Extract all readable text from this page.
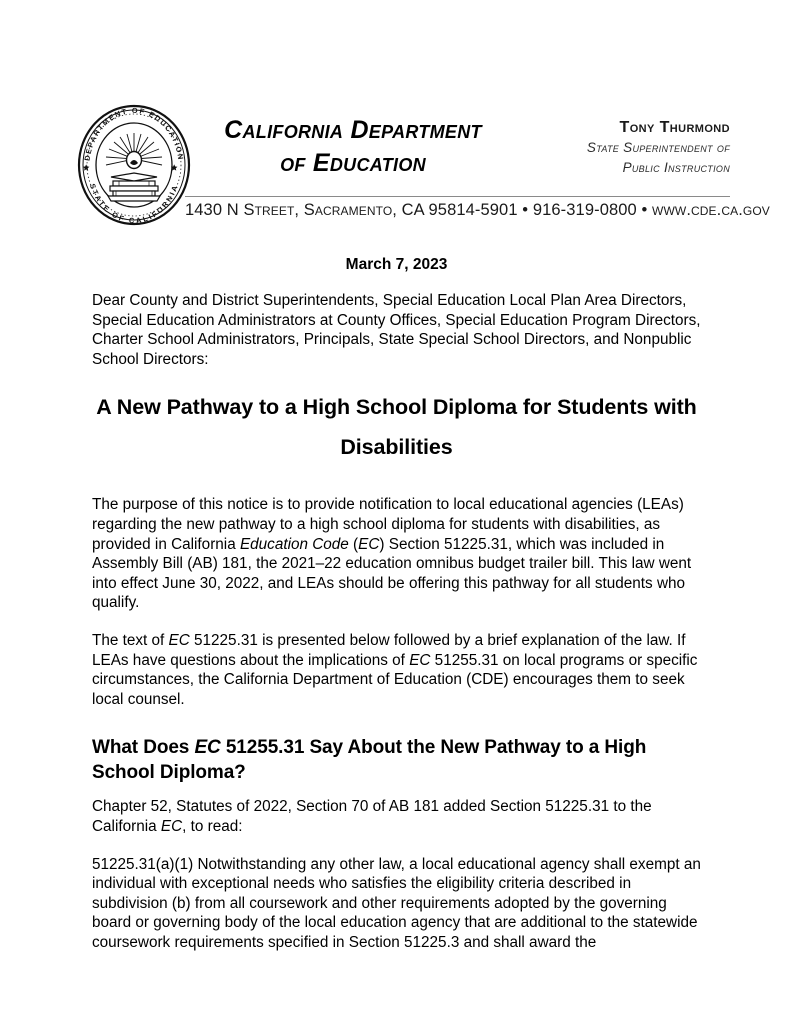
DEPARTMENT OF EDUCATION
STATE OF CALIFORNIA
California Department
of Education
Tony Thurmond
State Superintendent of
Public Instruction
1430 N Street, Sacramento, CA 95814-5901 • 916-319-0800 • www.cde.ca.gov
March 7, 2023

Dear County and District Superintendents, Special Education Local Plan Area Directors, Special Education Administrators at County Offices, Special Education Program Directors, Charter School Administrators, Principals, State Special School Directors, and Nonpublic School Directors:

A New Pathway to a High School Diploma for Students with Disabilities

The purpose of this notice is to provide notification to local educational agencies (LEAs) regarding the new pathway to a high school diploma for students with disabilities, as provided in California Education Code (EC) Section 51225.31, which was included in Assembly Bill (AB) 181, the 2021–22 education omnibus budget trailer bill. This law went into effect June 30, 2022, and LEAs should be offering this pathway for all students who qualify.

The text of EC 51225.31 is presented below followed by a brief explanation of the law. If LEAs have questions about the implications of EC 51255.31 on local programs or specific circumstances, the California Department of Education (CDE) encourages them to seek local counsel.

What Does EC 51255.31 Say About the New Pathway to a High School Diploma?

Chapter 52, Statutes of 2022, Section 70 of AB 181 added Section 51225.31 to the California EC, to read:

51225.31(a)(1) Notwithstanding any other law, a local educational agency shall exempt an individual with exceptional needs who satisfies the eligibility criteria described in subdivision (b) from all coursework and other requirements adopted by the governing board or governing body of the local education agency that are additional to the statewide coursework requirements specified in Section 51225.3 and shall award the
